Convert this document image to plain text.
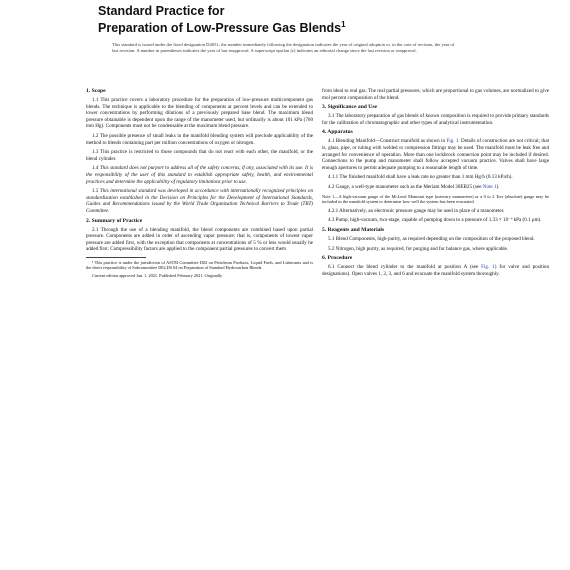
Standard Practice for
Preparation of Low-Pressure Gas Blends$^1$
This standard is issued under the fixed designation D4051; the number immediately following the designation indicates the year of original adoption or, in the case of revision, the year of last revision. A number in parentheses indicates the year of last reapproval. A superscript epsilon (ε) indicates an editorial change since the last revision or reapproval.
1. Scope

1.1 This practice covers a laboratory procedure for the preparation of low-pressure multicomponent gas blends. The technique is applicable to the blending of components at percent levels and can be extended to lower concentrations by performing dilutions of a previously prepared base blend. The maximum blend pressure obtainable is dependent upon the range of the manometer used, but ordinarily is about 101 kPa (760 mm Hg). Components must not be condensable at the maximum blend pressure.

1.2 The possible presence of small leaks in the manifold blending system will preclude applicability of the method to blends containing part per million concentrations of oxygen or nitrogen.

1.3 This practice is restricted to those compounds that do not react with each other, the manifold, or the blend cylinder.

1.4 This standard does not purport to address all of the safety concerns, if any, associated with its use. It is the responsibility of the user of this standard to establish appropriate safety, health, and environmental practices and determine the applicability of regulatory limitations prior to use.

1.5 This international standard was developed in accordance with internationally recognized principles on standardization established in the Decision on Principles for the Development of International Standards, Guides and Recommendations issued by the World Trade Organization Technical Barriers to Trade (TBT) Committee.

2. Summary of Practice

2.1 Through the use of a blending manifold, the blend components are combined based upon partial pressure. Components are added in order of ascending vapor pressure; that is, components of lowest vapor pressure are added first, with the exception that components at concentrations of 5 % or less would usually be added first. Compressibility factors are applied to the component partial pressures to convert them

¹ This practice is under the jurisdiction of ASTM Committee D02 on Petroleum Products, Liquid Fuels, and Lubricants and is the direct responsibility of Subcommittee D02.D0.04 on Preparation of Standard Hydrocarbon Blends.

Current edition approved Jan. 1, 2021. Published February 2021. Originally

from ideal to real gas. The real partial pressures, which are proportional to gas volumes, are normalized to give mol percent composition of the blend.

3. Significance and Use

3.1 The laboratory preparation of gas blends of known composition is required to provide primary standards for the calibration of chromatographic and other types of analytical instrumentation.

4. Apparatus

4.1 Blending Manifold—Construct manifold as shown in Fig. 1. Details of construction are not critical; that is, glass, pipe, or tubing with welded or compression fittings may be used. The manifold must be leak free and arranged for convenience of operation. More than one lockbrock connection point may be included if desired. Connections to the pump and manometer shall follow accepted vacuum practice. Valves shall have large enough apertures to permit adequate pumping to a reasonable length of time.

4.1.1 The finished manifold shall have a leak rate no greater than 1 mm Hg/h (0.13 kPa/h).

4.2 Gauge, a well-type manometer such as the Meriam Model 30EB25 (see Note 1).

Note 1—A high-vacuum gauge of the McLeod Manostat type (mercury manometer) or a 0 to 2 Torr (absolute) gauge may be included in the manifold system to determine how well the system has been evacuated.

4.2.1 Alternatively, an electronic pressure gauge may be used in place of a manometer.

4.3 Pump, high-vacuum, two-stage, capable of pumping down to a pressure of 1.33 × 10⁻³ kPa (0.1 μm).

5. Reagents and Materials

5.1 Blend Components, high-purity, as required depending on the composition of the proposed blend.

5.2 Nitrogen, high purity, as required, for purging and for balance gas, where applicable.

6. Procedure

6.1 Connect the blend cylinder to the manifold at position A (see Fig. 1) for valve and position designations). Open valves 1, 2, 3, and 6 and evacuate the manifold system thoroughly.
